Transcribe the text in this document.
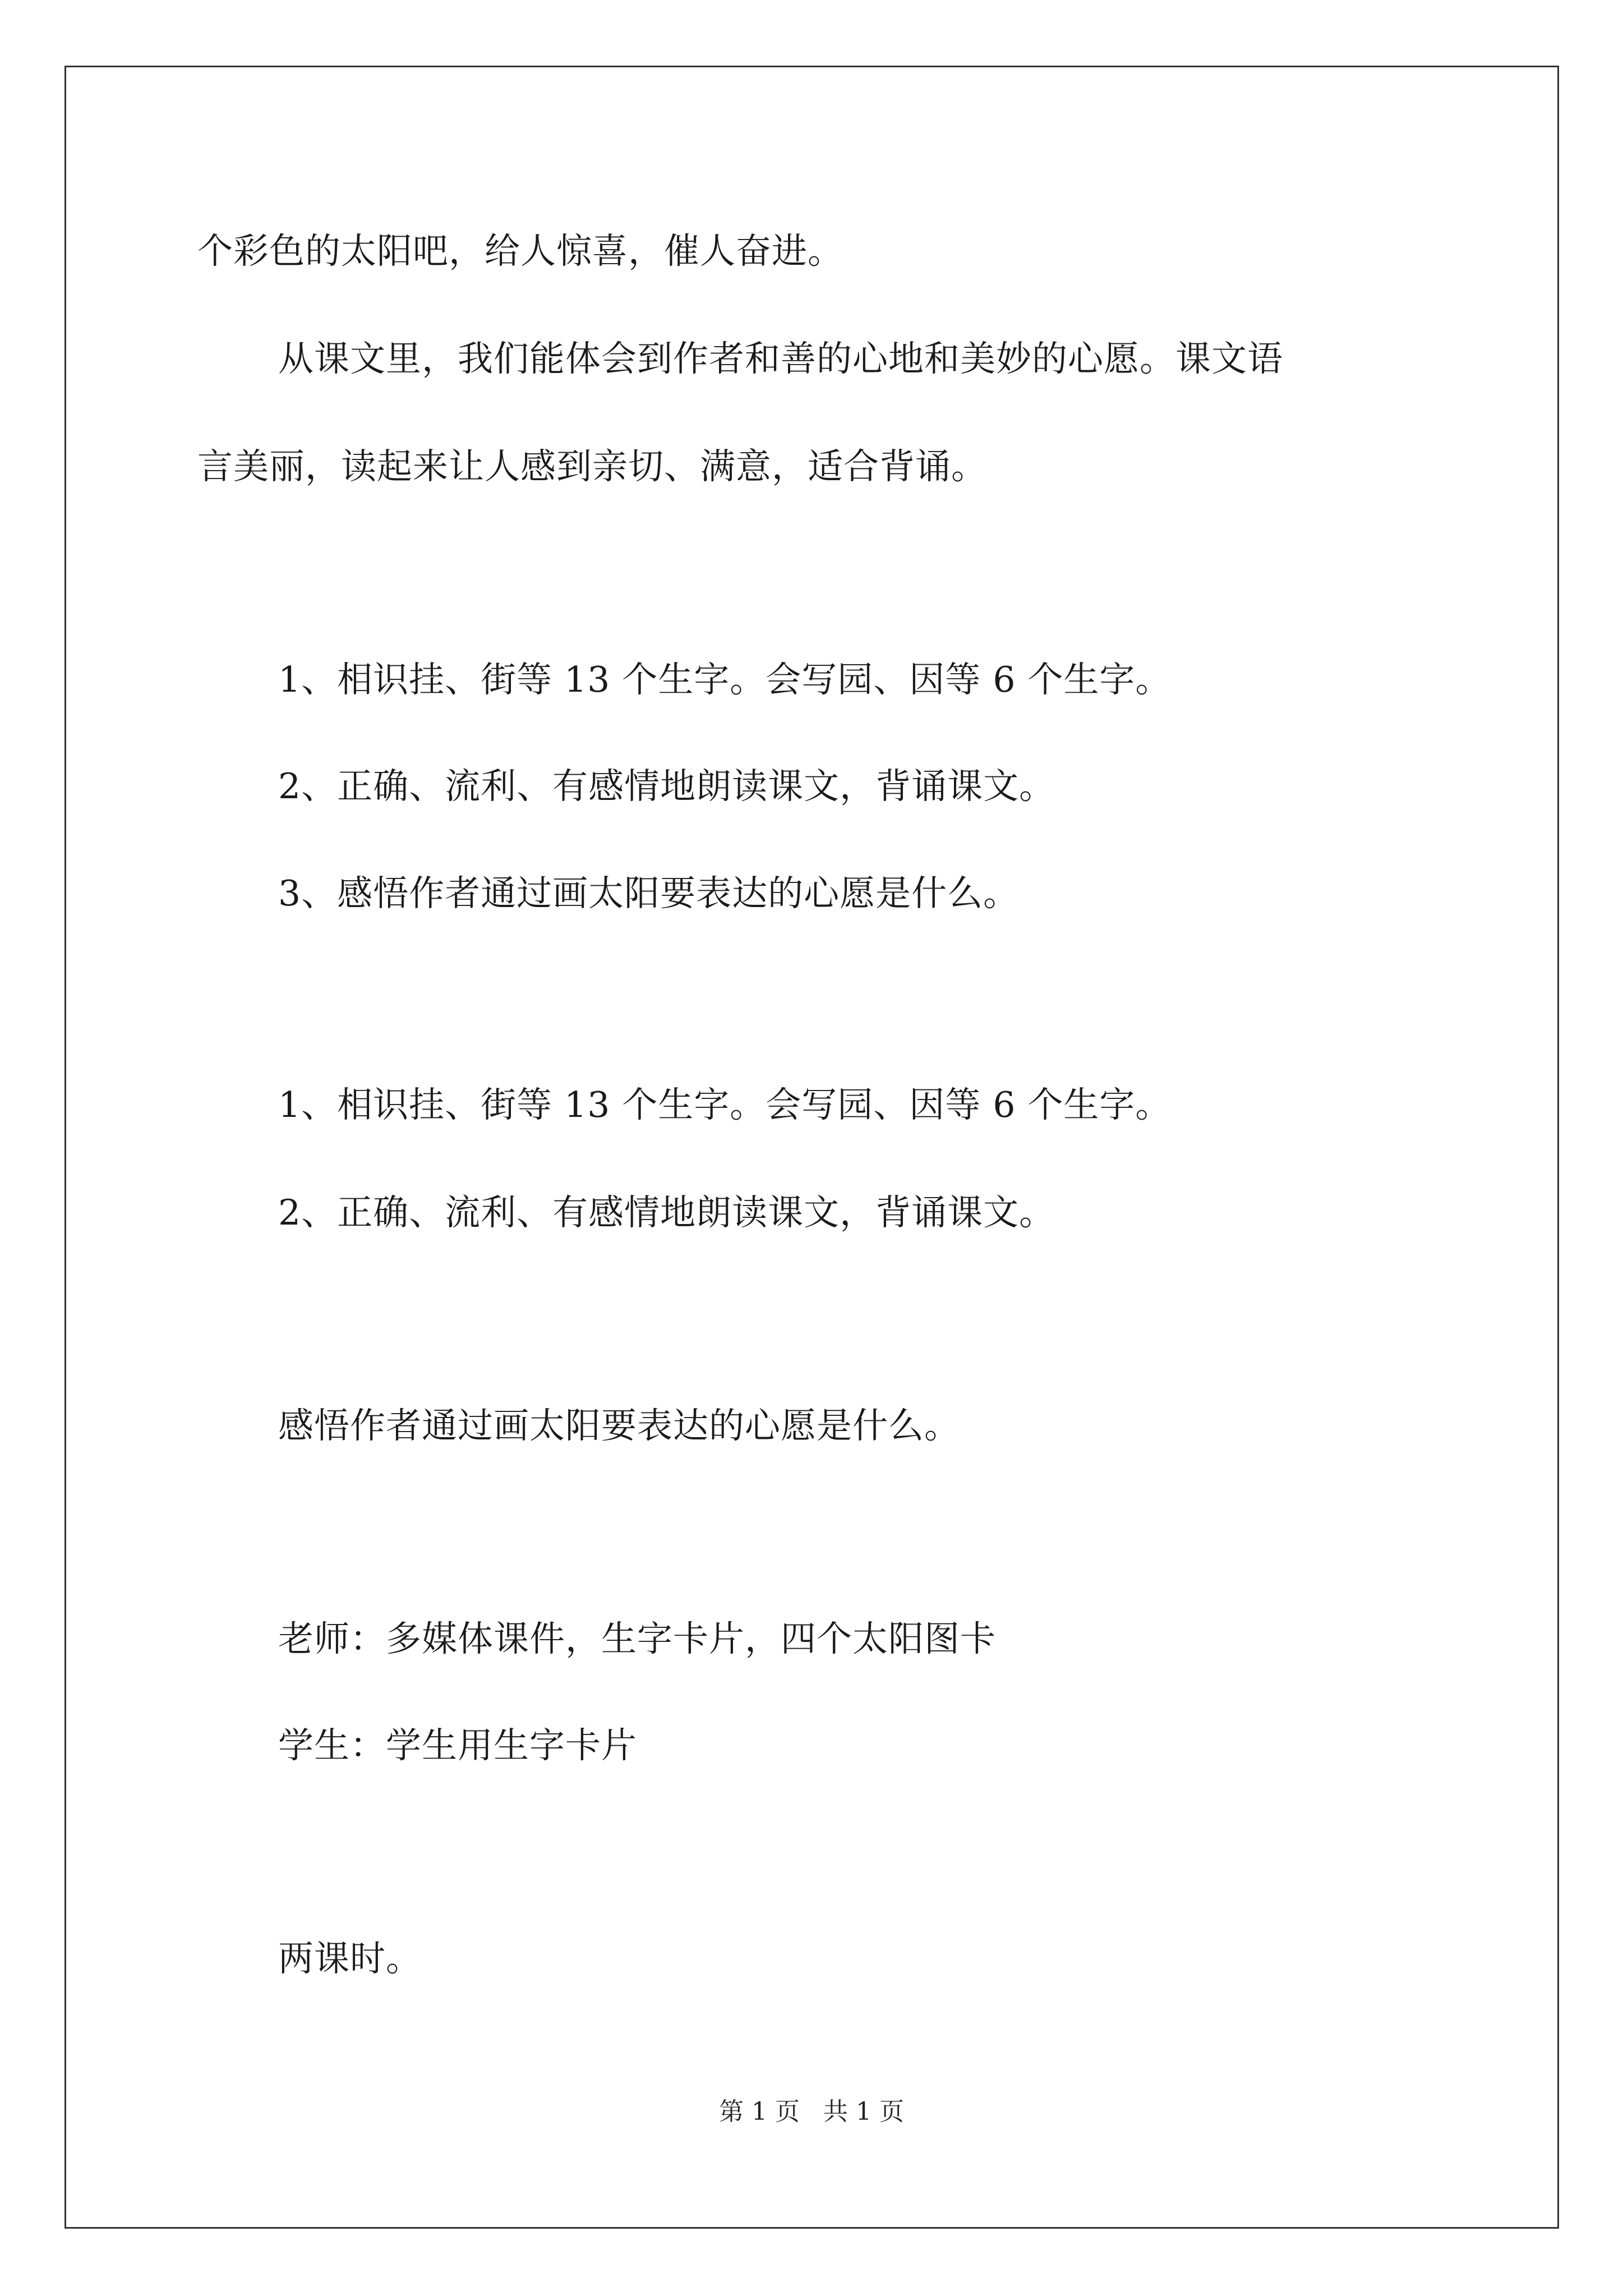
个彩色的太阳吧，给人惊喜，催人奋进。
从课文里，我们能体会到作者和善的心地和美妙的心愿。课文语
言美丽，读起来让人感到亲切、满意，适合背诵。
1、相识挂、街等 13 个生字。会写园、因等 6 个生字。
2、正确、流利、有感情地朗读课文，背诵课文。
3、感悟作者通过画太阳要表达的心愿是什么。
1、相识挂、街等 13 个生字。会写园、因等 6 个生字。
2、正确、流利、有感情地朗读课文，背诵课文。
感悟作者通过画太阳要表达的心愿是什么。
老师：多媒体课件，生字卡片，四个太阳图卡
学生：学生用生字卡片
两课时。
第 1 页   共 1 页
